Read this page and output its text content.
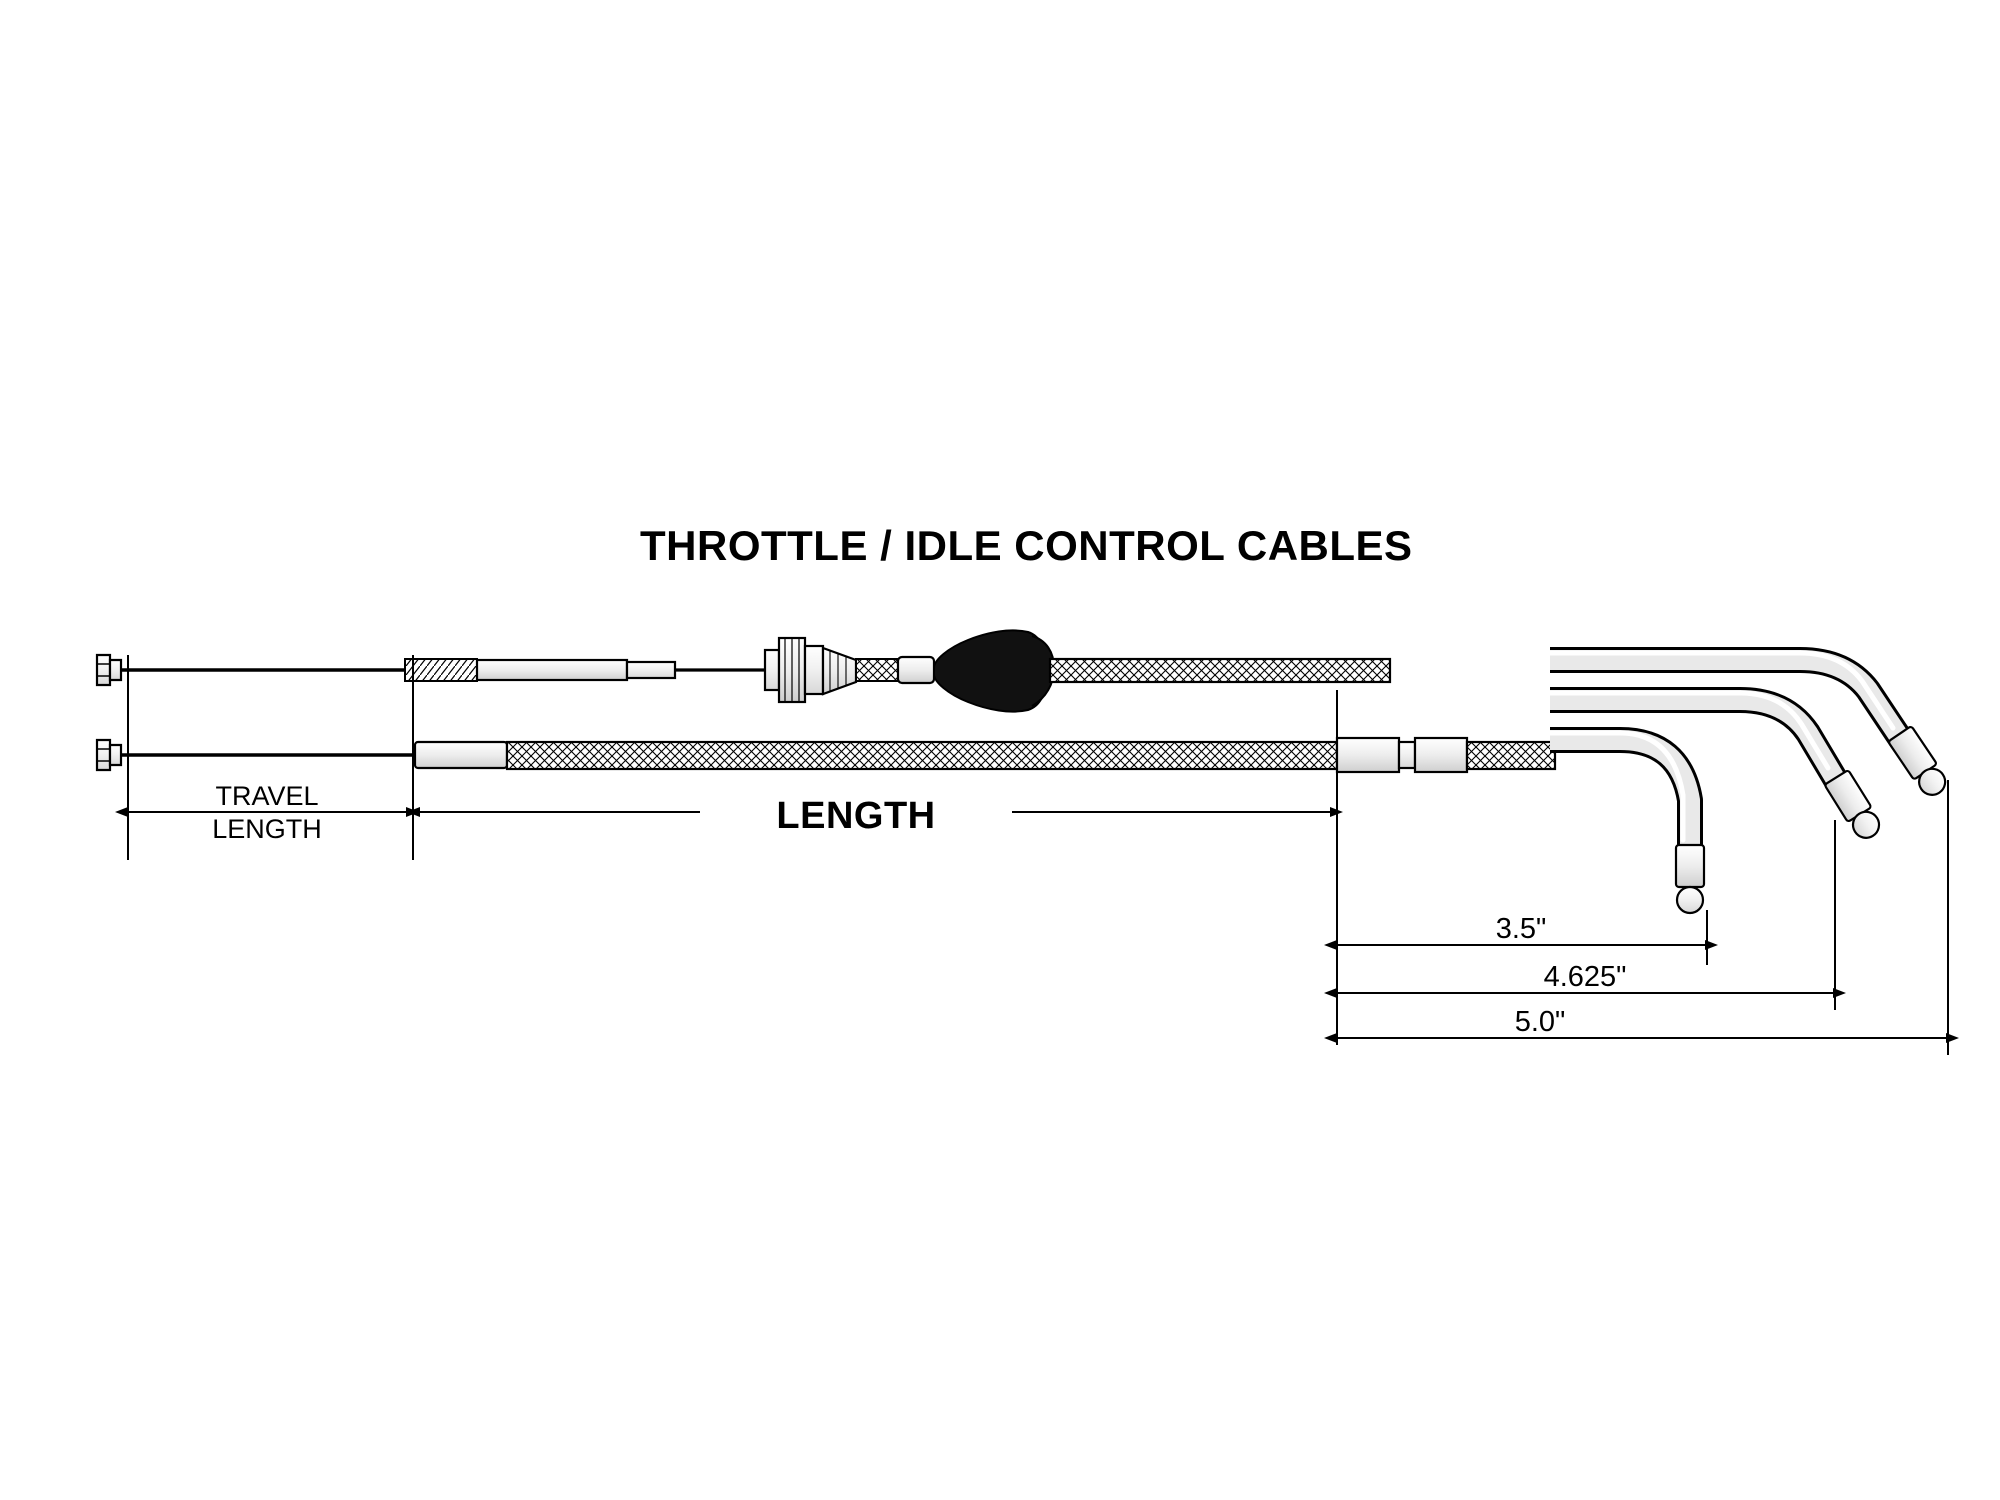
THROTTLE / IDLE CONTROL CABLES
TRAVEL
LENGTH	LENGTH
3.5"
4.625"
5.0"
